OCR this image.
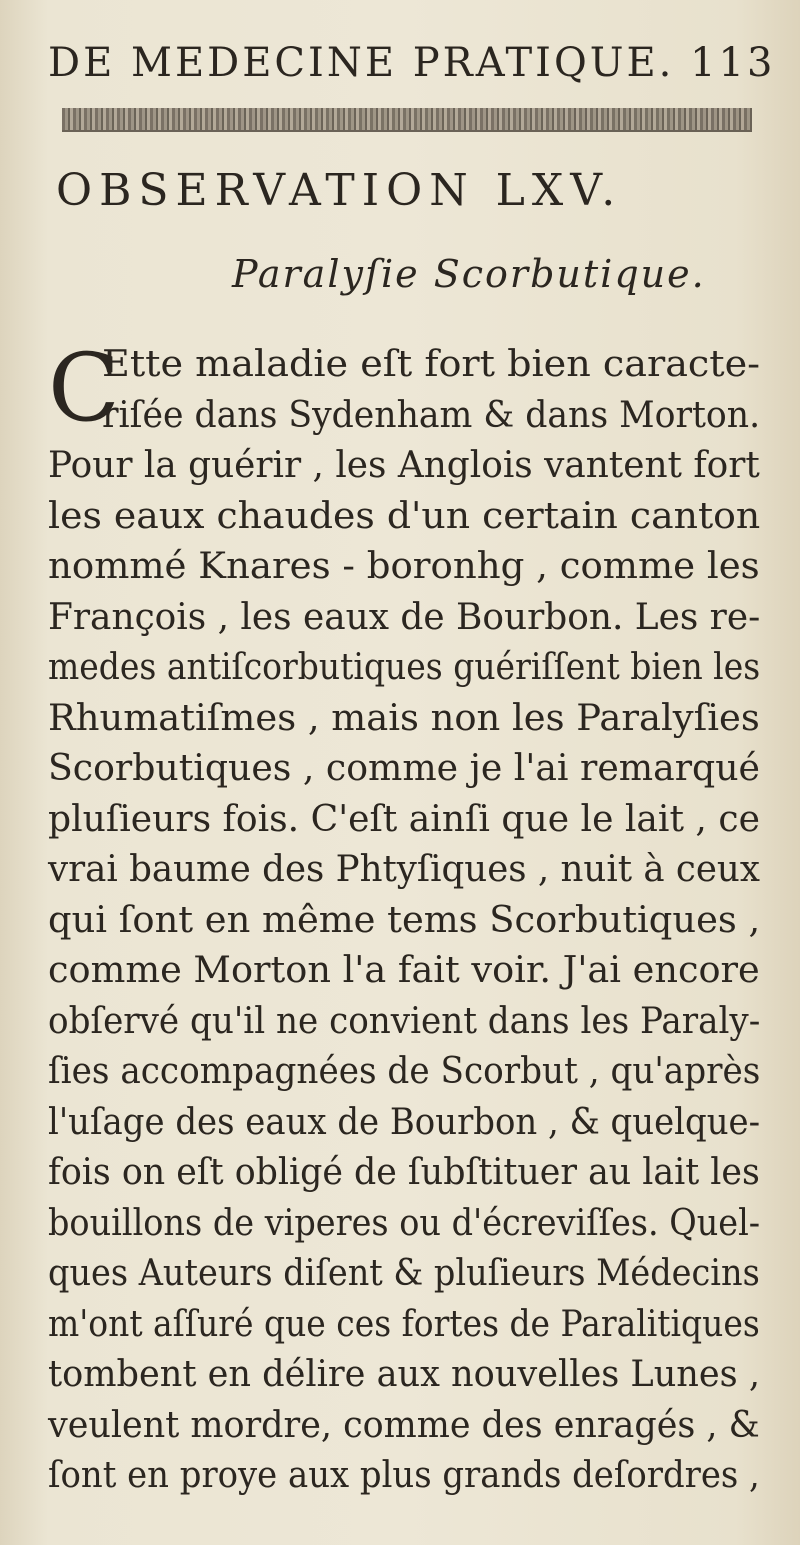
DE MEDECINE PRATIQUE. 113
OBSERVATION LXV.
Paralyſie Scorbutique.
C
Ette maladie eſt fort bien caracte-
riſée dans Sydenham & dans Morton.
Pour la guérir , les Anglois vantent fort
les eaux chaudes d'un certain canton
nommé Knares - boronhg , comme les
François , les eaux de Bourbon. Les re-
medes antiſcorbutiques guériſſent bien les
Rhumatiſmes , mais non les Paralyſies
Scorbutiques , comme je l'ai remarqué
pluſieurs fois. C'eſt ainſi que le lait , ce
vrai baume des Phtyſiques , nuit à ceux
qui ſont en même tems Scorbutiques ,
comme Morton l'a fait voir. J'ai encore
obſervé qu'il ne convient dans les Paraly-
ſies accompagnées de Scorbut , qu'après
l'uſage des eaux de Bourbon , & quelque-
fois on eſt obligé de ſubſtituer au lait les
bouillons de viperes ou d'écreviſſes. Quel-
ques Auteurs diſent & pluſieurs Médecins
m'ont aſſuré que ces fortes de Paralitiques
tombent en délire aux nouvelles Lunes ,
veulent mordre, comme des enragés , &
ſont en proye aux plus grands deſordres ,
